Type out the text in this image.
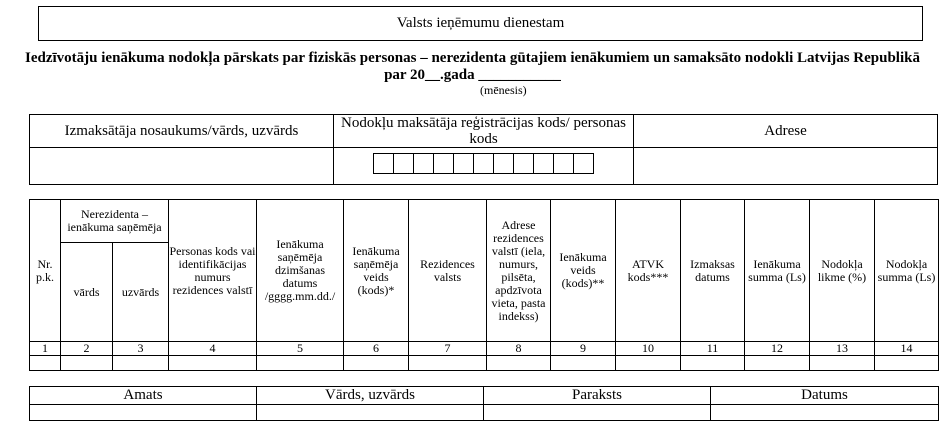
Valsts ieņēmumu dienestam
Iedzīvotāju ienākuma nodokļa pārskats par fiziskās personas – nerezidenta gūtajiem ienākumiem un samaksāto nodokli Latvijas Republikā
par 20__.gada ___________
(mēnesis)
Izmaksātāja nosaukums/vārds, uzvārds	Nodokļu maksātāja reģistrācijas kods/ personas kods	Adrese

Nr. p.k.	Nerezidenta – ienākuma saņēmēja		Personas kods vai identifikācijas numurs rezidences valstī	Ienākuma saņēmēja dzimšanas datums /gggg.mm.dd./	Ienākuma saņēmēja veids (kods)*	Rezidences valsts	Adrese rezidences valstī (iela, numurs, pilsēta, apdzīvota vieta, pasta indekss)	Ienākuma veids (kods)**	ATVK kods***	Izmaksas datums	Ienākuma summa (Ls)	Nodokļa likme (%)	Nodokļa summa (Ls)
	vārds	uzvārds											
1	2	3	4	5	6	7	8	9	10	11	12	13	14

Amats	Vārds, uzvārds	Paraksts	Datums
